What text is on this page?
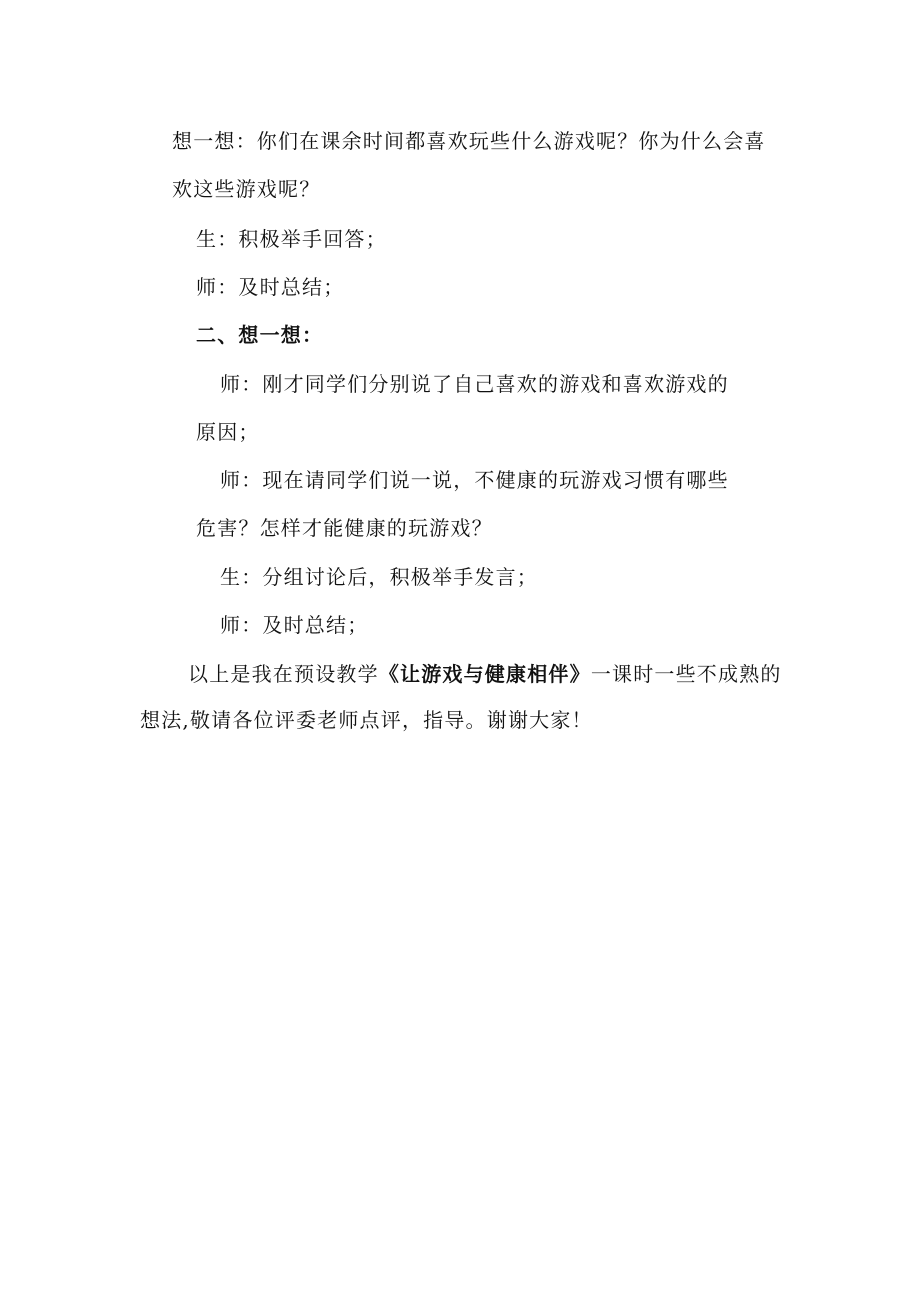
想一想：你们在课余时间都喜欢玩些什么游戏呢？你为什么会喜

欢这些游戏呢？

生：积极举手回答；

师：及时总结；

二、想一想：

师：刚才同学们分别说了自己喜欢的游戏和喜欢游戏的

原因；

师：现在请同学们说一说，不健康的玩游戏习惯有哪些

危害？怎样才能健康的玩游戏？

生：分组讨论后，积极举手发言；

师：及时总结；

以上是我在预设教学《让游戏与健康相伴》一课时一些不成熟的

想法,敬请各位评委老师点评，指导。谢谢大家！
